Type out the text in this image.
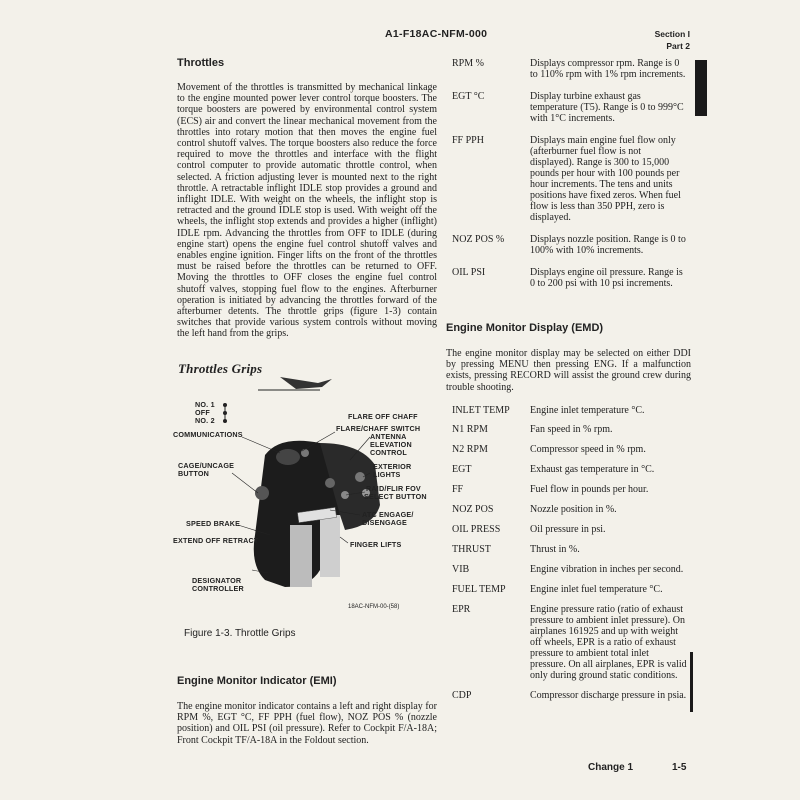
A1-F18AC-NFM-000	Section I
Part 2
Throttles

Movement of the throttles is transmitted by mechanical linkage to the engine mounted power lever control torque boosters. The torque boosters are powered by environmental control system (ECS) air and convert the linear mechanical movement from the throttles into rotary motion that then moves the engine fuel control shutoff valves. The torque boosters also reduce the force required to move the throttles and interface with the flight control computer to provide automatic throttle control, when selected. A friction adjusting lever is mounted next to the right throttle. A retractable inflight IDLE stop provides a ground and inflight IDLE. With weight on the wheels, the inflight stop is retracted and the ground IDLE stop is used. With weight off the wheels, the inflight stop extends and provides a higher (inflight) IDLE rpm. Advancing the throttles from OFF to IDLE (during engine start) opens the engine fuel control shutoff valves and enables engine ignition. Finger lifts on the front of the throttles must be raised before the throttles can be returned to OFF. Moving the throttles to OFF closes the engine fuel control shutoff valves, stopping fuel flow to the engines. Afterburner operation is initiated by advancing the throttles forward of the afterburner detents. The throttle grips (figure 1-3) contain switches that provide various system controls without moving the left hand from the grips.

Throttles Grips
NO. 1
OFF
NO. 2
COMMUNICATIONS
CAGE/UNCAGE
BUTTON
SPEED BRAKE
EXTEND OFF RETRACT
DESIGNATOR
CONTROLLER
FLARE/CHAFF SWITCH
FLARE OFF CHAFF
ANTENNA
ELEVATION
CONTROL
EXTERIOR
LIGHTS
RAID/FLIR FOV
SELECT BUTTON
ATC ENGAGE/
DISENGAGE
FINGER LIFTS
18AC-NFM-00-(58)
Figure 1-3. Throttle Grips
Engine Monitor Indicator (EMI)

The engine monitor indicator contains a left and right display for RPM %, EGT °C, FF PPH (fuel flow), NOZ POS % (nozzle position) and OIL PSI (oil pressure). Refer to Cockpit F/A-18A; Front Cockpit TF/A-18A in the Foldout section.

RPM %	Displays compressor rpm. Range is 0 to 110% rpm with 1% rpm increments.

EGT °C	Display turbine exhaust gas temperature (T5). Range is 0 to 999°C with 1°C increments.

FF PPH	Displays main engine fuel flow only (afterburner fuel flow is not displayed). Range is 300 to 15,000 pounds per hour with 100 pounds per hour increments. The tens and units positions have fixed zeros. When fuel flow is less than 350 PPH, zero is displayed.

NOZ POS %	Displays nozzle position. Range is 0 to 100% with 10% increments.

OIL PSI	Displays engine oil pressure. Range is 0 to 200 psi with 10 psi increments.
Engine Monitor Display (EMD)

The engine monitor display may be selected on either DDI by pressing MENU then pressing ENG. If a malfunction exists, pressing RECORD will assist the ground crew during trouble shooting.

INLET TEMP	Engine inlet temperature °C.

N1 RPM	Fan speed in % rpm.

N2 RPM	Compressor speed in % rpm.

EGT	Exhaust gas temperature in °C.

FF	Fuel flow in pounds per hour.

NOZ POS	Nozzle position in %.

OIL PRESS	Oil pressure in psi.

THRUST	Thrust in %.

VIB	Engine vibration in inches per second.

FUEL TEMP	Engine inlet fuel temperature °C.

EPR	Engine pressure ratio (ratio of exhaust pressure to ambient inlet pressure). On airplanes 161925 and up with weight off wheels, EPR is a ratio of exhaust pressure to ambient total inlet pressure. On all airplanes, EPR is valid only during ground static conditions.

CDP	Compressor discharge pressure in psia.
Change 1	1-5
